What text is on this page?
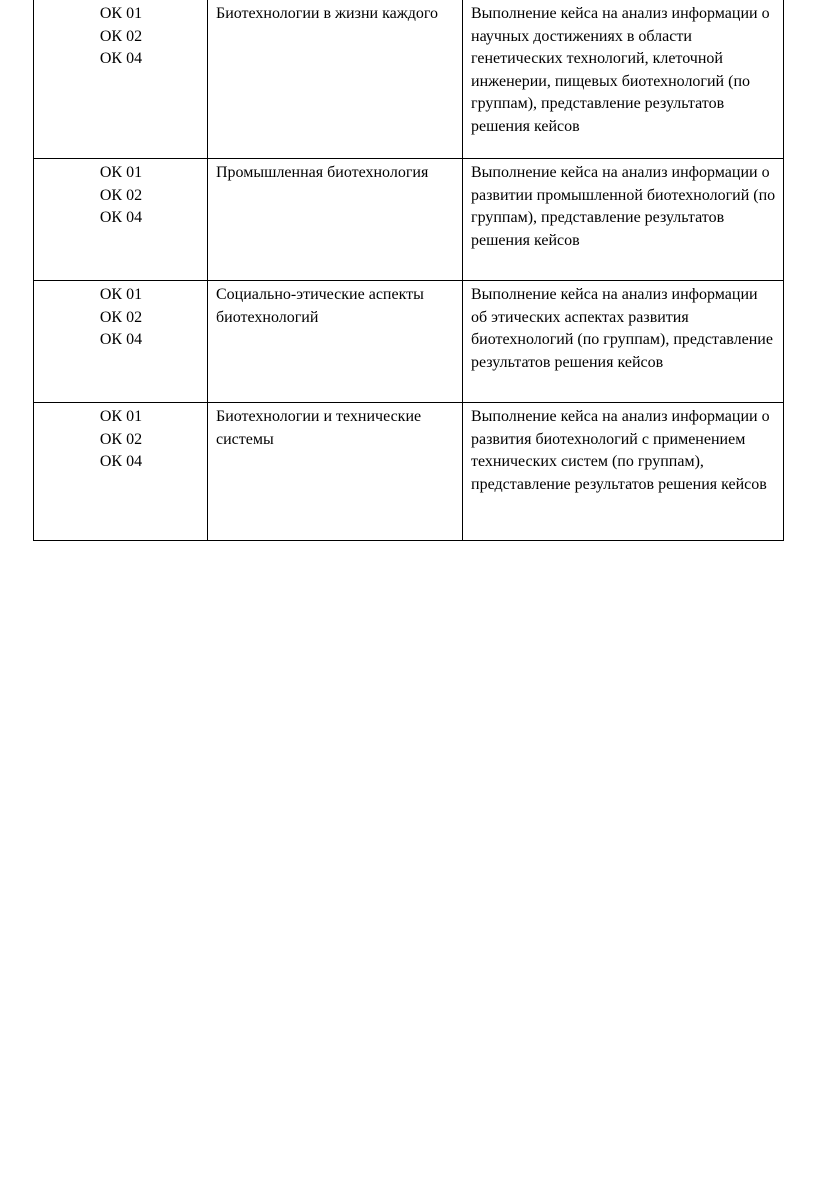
ОК 01
ОК 02
ОК 04	Биотехнологии в жизни каждого	Выполнение кейса на анализ информации о научных достижениях в области генетических технологий, клеточной инженерии, пищевых биотехнологий (по группам), представление результатов решения кейсов

ОК 01
ОК 02
ОК 04	Промышленная биотехнология	Выполнение кейса на анализ информации о развитии промышленной биотехнологий (по группам), представление результатов решения кейсов

ОК 01
ОК 02
ОК 04	Социально-этические аспекты биотехнологий	Выполнение кейса на анализ информации об этических аспектах развития биотехнологий (по группам), представление результатов решения кейсов

ОК 01
ОК 02
ОК 04	Биотехнологии и технические системы	Выполнение кейса на анализ информации о развития биотехнологий с применением технических систем (по группам), представление результатов решения кейсов
